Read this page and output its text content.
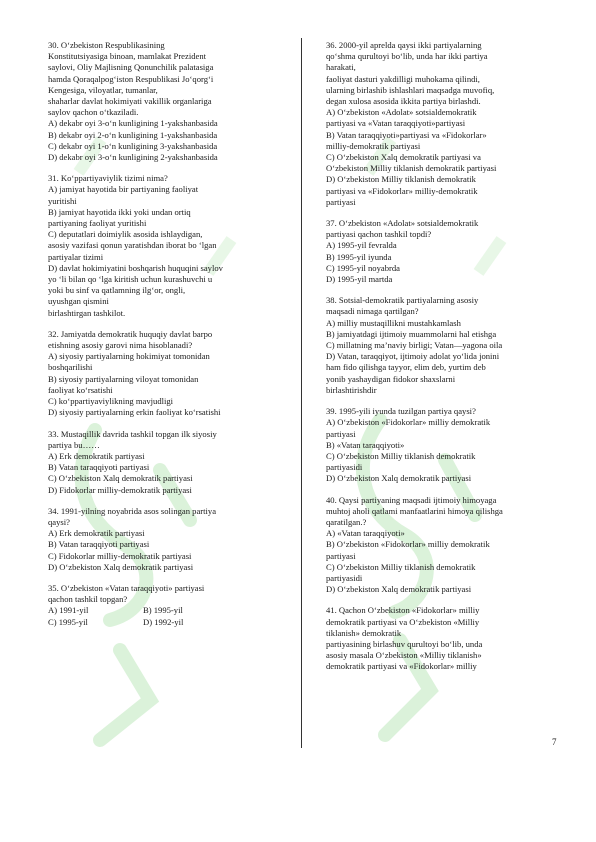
30. O‘zbekiston Respublikasining
Konstitutsiyasiga binoan, mamlakat Prezident
saylovi, Oliy Majlisning Qonunchilik palatasiga
hamda Qoraqalpog‘iston Respublikasi Jo‘qorg‘i
Kengesiga, viloyatlar, tumanlar,
shaharlar davlat hokimiyati vakillik organlariga
saylov qachon o‘tkaziladi.
A) dekabr oyi 3-o‘n kunligining 1-yakshanbasida
B) dekabr oyi 2-o‘n kunligining 1-yakshanbasida
C) dekabr oyi 1-o‘n kunligining 3-yakshanbasida
D) dekabr oyi 3-o‘n kunligining 2-yakshanbasida
31. Ko‘ppartiyaviylik tizimi nima?
A) jamiyat hayotida bir partiyaning faoliyat
yuritishi
B) jamiyat hayotida ikki yoki undan ortiq
partiyaning faoliyat yuritishi
C) deputatlari doimiylik asosida ishlaydigan,
asosiy vazifasi qonun yaratishdan iborat bo ‘lgan
partiyalar tizimi
D) davlat hokimiyatini boshqarish huquqini saylov
yo ‘li bilan qo ‘lga kiritish uchun kurashuvchi u
yoki bu sinf va qatlamning ilg‘or, ongli,
uyushgan qismini
birlashtirgan tashkilot.
32. Jamiyatda demokratik huquqiy davlat barpo
etishning asosiy garovi nima hisoblanadi?
A) siyosiy partiyalarning hokimiyat tomonidan
boshqarilishi
B) siyosiy partiyalarning viloyat tomonidan
faoliyat ko‘rsatishi
C) ko‘ppartiyaviylikning mavjudligi
D) siyosiy partiyalarning erkin faoliyat ko‘rsatishi
33. Mustaqillik davrida tashkil topgan ilk siyosiy
partiya bu……
A) Erk demokratik partiyasi
B) Vatan taraqqiyoti partiyasi
C) O‘zbekiston Xalq demokratik partiyasi
D) Fidokorlar milliy-demokratik partiyasi
34. 1991-yilning noyabrida asos solingan partiya
qaysi?
A) Erk demokratik partiyasi
B) Vatan taraqqiyoti partiyasi
C) Fidokorlar milliy-demokratik partiyasi
D) O‘zbekiston Xalq demokratik partiyasi
35. O‘zbekiston «Vatan taraqqiyoti» partiyasi
qachon tashkil topgan?
A) 1991-yil	B) 1995-yil
C) 1995-yil	D) 1992-yil
36. 2000-yil aprelda qaysi ikki partiyalarning
qo‘shma qurultoyi bo‘lib, unda har ikki partiya
harakati,
faoliyat dasturi yakdilligi muhokama qilindi,
ularning birlashib ishlashlari maqsadga muvofiq,
degan xulosa asosida ikkita partiya birlashdi.
A) O‘zbekiston «Adolat» sotsialdemokratik
partiyasi va «Vatan taraqqiyoti»partiyasi
B) Vatan taraqqiyoti»partiyasi va «Fidokorlar»
milliy-demokratik partiyasi
C) O‘zbekiston Xalq demokratik partiyasi va
O‘zbekiston Milliy tiklanish demokratik partiyasi
D) O‘zbekiston Milliy tiklanish demokratik
partiyasi va «Fidokorlar» milliy-demokratik
partiyasi
37. O‘zbekiston «Adolat» sotsialdemokratik
partiyasi qachon tashkil topdi?
A) 1995-yil fevralda
B) 1995-yil iyunda
C) 1995-yil noyabrda
D) 1995-yil martda
38. Sotsial-demokratik partiyalarning asosiy
maqsadi nimaga qartilgan?
A) milliy mustaqillikni mustahkamlash
B) jamiyatdagi ijtimoiy muammolarni hal etishga
C) millatning ma’naviy birligi; Vatan—yagona oila
D) Vatan, taraqqiyot, ijtimoiy adolat yo‘lida jonini
ham fido qilishga tayyor, elim deb, yurtim deb
yonib yashaydigan fidokor shaxslarni
birlashtirishdir
39. 1995-yili iyunda tuzilgan partiya qaysi?
A) O‘zbekiston «Fidokorlar» milliy demokratik
partiyasi
B) «Vatan taraqqiyoti»
C) O‘zbekiston Milliy tiklanish demokratik
partiyasidi
D) O‘zbekiston Xalq demokratik partiyasi
40. Qaysi partiyaning maqsadi ijtimoiy himoyaga
muhtoj aholi qatlami manfaatlarini himoya qilishga
qaratilgan.?
A) «Vatan taraqqiyoti»
B) O‘zbekiston «Fidokorlar» milliy demokratik
partiyasi
C) O‘zbekiston Milliy tiklanish demokratik
partiyasidi
D) O‘zbekiston Xalq demokratik partiyasi
41. Qachon O‘zbekiston «Fidokorlar» milliy
demokratik partiyasi va O‘zbekiston «Milliy
tiklanish» demokratik
partiyasining birlashuv qurultoyi bo‘lib, unda
asosiy masala O‘zbekiston «Milliy tiklanish»
demokratik partiyasi va «Fidokorlar» milliy
7
